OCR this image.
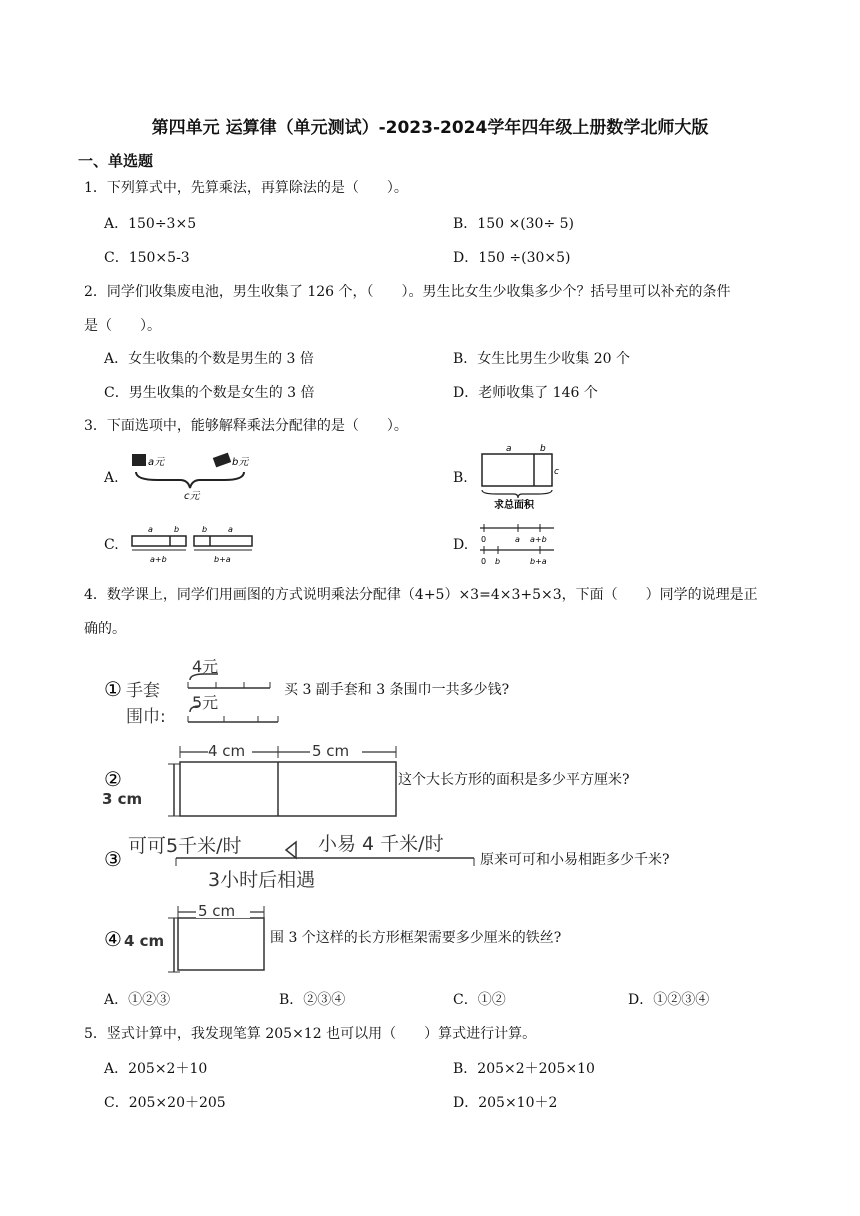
第四单元 运算律（单元测试）-2023-2024学年四年级上册数学北师大版
一、单选题
1．下列算式中，先算乘法，再算除法的是（　　）。
A．150÷3×5	B．150 ×(30÷ 5)
C．150×5-3	D．150 ÷(30×5)
2．同学们收集废电池，男生收集了 126 个，（　　）。男生比女生少收集多少个？括号里可以补充的条件
是（　　）。
A．女生收集的个数是男生的 3 倍	B．女生比男生少收集 20 个
C．男生收集的个数是女生的 3 倍	D．老师收集了 146 个
3．下面选项中，能够解释乘法分配律的是（　　）。
A.	B.
C.	D.
a元	b元
c元
a	b
c
求总面积
a	b
a+b
b	a
b+a
0	a a+b
0 b	b+a
4．数学课上，同学们用画图的方式说明乘法分配律（4+5）×3=4×3+5×3，下面（　　）同学的说理是正
确的。
① 手套
围巾:
4元
5元
买 3 副手套和 3 条围巾一共多少钱?
②
3 cm
4 cm	5 cm
这个大长方形的面积是多少平方厘米?
③
可可5千米/时	小易 4 千米/时
3小时后相遇
原来可可和小易相距多少千米?
④ 4 cm
5 cm
围 3 个这样的长方形框架需要多少厘米的铁丝?
A．①②③	B．②③④	C．①②	D．①②③④
5．竖式计算中，我发现笔算 205×12 也可以用（　　）算式进行计算。
A．205×2＋10	B．205×2＋205×10
C．205×20＋205	D．205×10＋2
